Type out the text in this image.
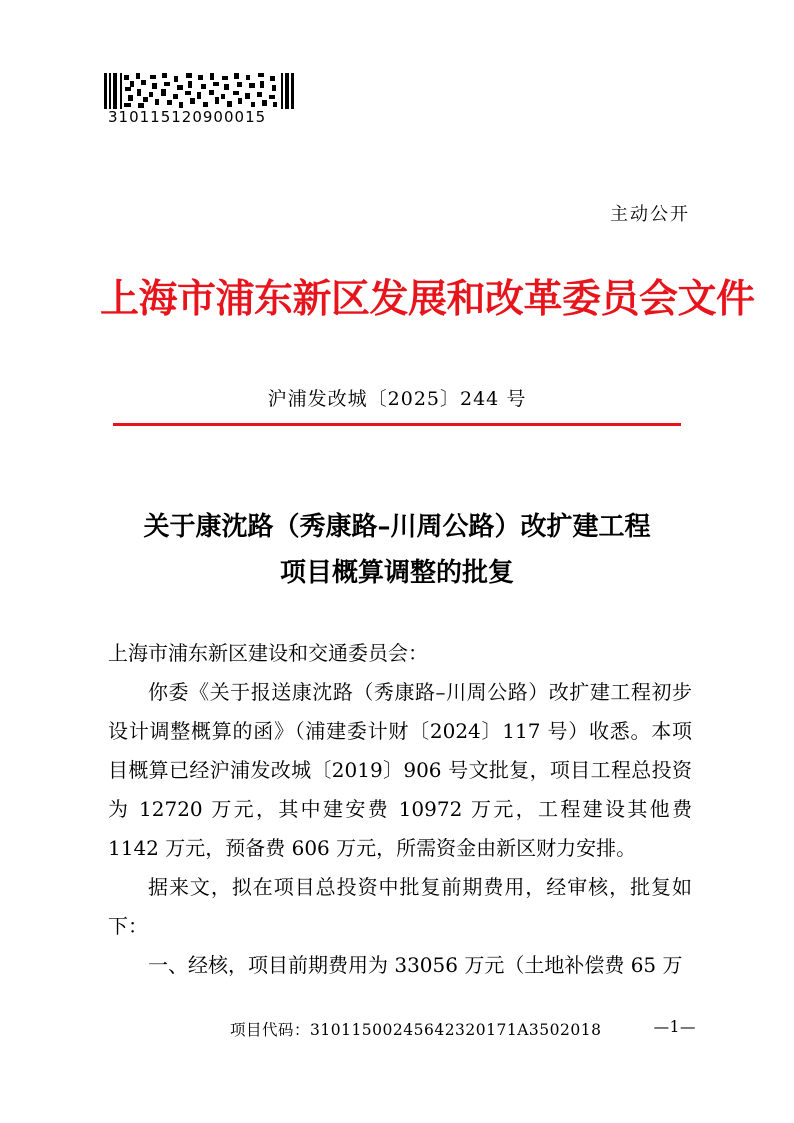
310115120900015
主动公开
上海市浦东新区发展和改革委员会文件
沪浦发改城〔2025〕244 号
关于康沈路（秀康路–川周公路）改扩建工程
项目概算调整的批复

上海市浦东新区建设和交通委员会：

你委《关于报送康沈路（秀康路–川周公路）改扩建工程初步设计调整概算的函》（浦建委计财〔2024〕117 号）收悉。本项目概算已经沪浦发改城〔2019〕906 号文批复，项目工程总投资为 12720 万元，其中建安费 10972 万元，工程建设其他费 1142 万元，预备费 606 万元，所需资金由新区财力安排。

据来文，拟在项目总投资中批复前期费用，经审核，批复如下：

一、经核，项目前期费用为 33056 万元（土地补偿费 65 万

项目代码：31011500245642320171A3502018	—1—
